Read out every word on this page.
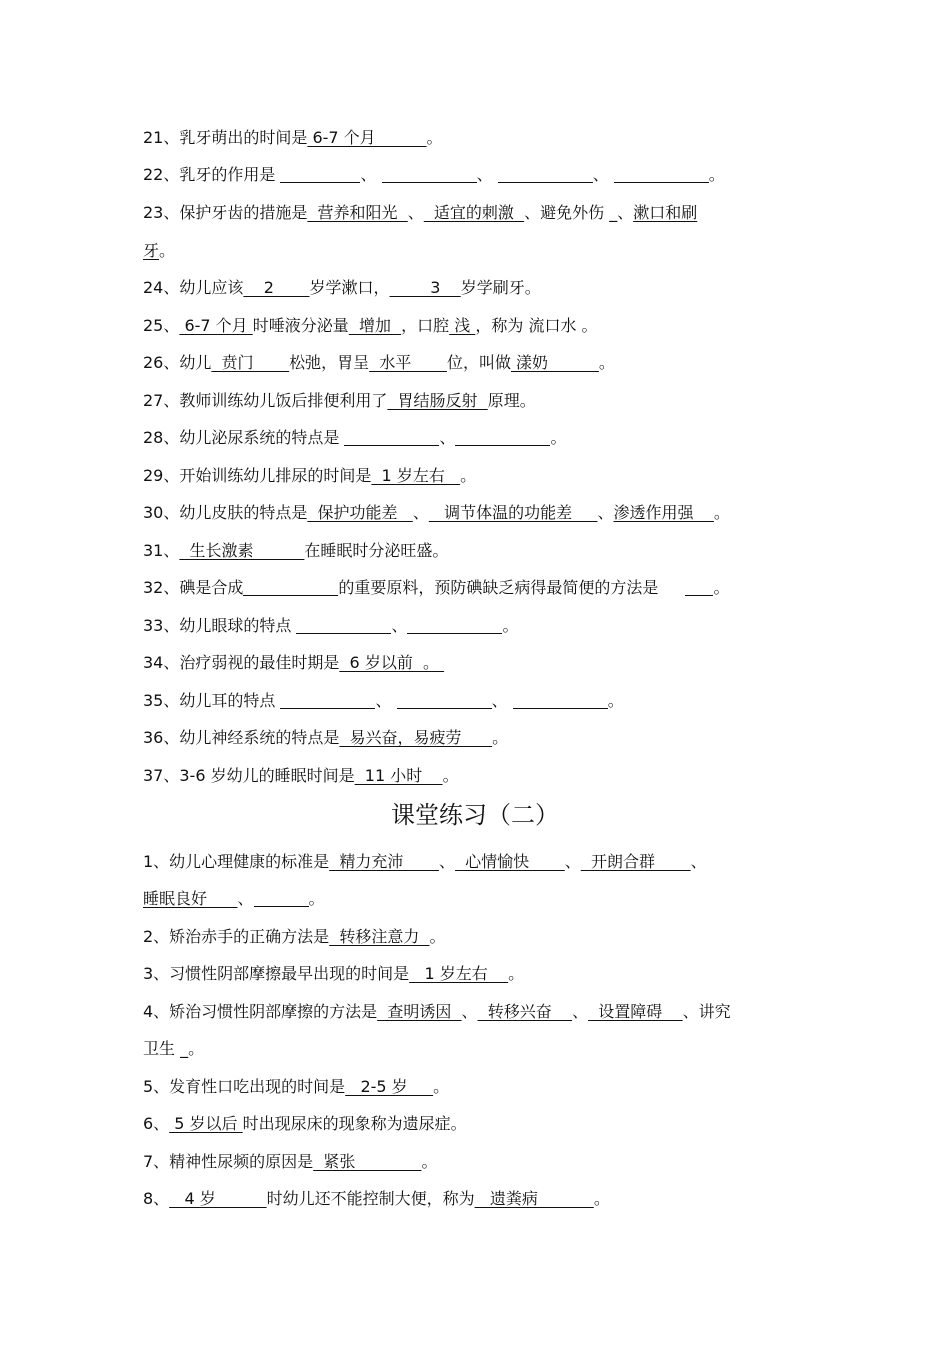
21、乳牙萌出的时间是 6-7 个月          。
22、乳牙的作用是	、	、	、	。
23、保护牙齿的措施是  营养和阳光  、  适宜的刺激  、避免外伤 _、漱口和刷
牙。
24、幼儿应该    2       岁学漱口，        3    岁学刷牙。
25、 6-7 个月 时唾液分泌量  增加  ，口腔 浅 ，称为 流口水 。
26、幼儿  贲门       松弛，胃呈  水平       位，叫做 漾奶          。
27、教师训练幼儿饭后排便利用了  胃结肠反射  原理。
28、幼儿泌尿系统的特点是	、	。
29、开始训练幼儿排尿的时间是  1 岁左右   。
30、幼儿皮肤的特点是  保护功能差   、   调节体温的功能差     、渗透作用强    。
31、  生长激素          在睡眠时分泌旺盛。
32、碘是合成	的重要原料，预防碘缺乏病得最简便的方法是	。
33、幼儿眼球的特点	、	。
34、治疗弱视的最佳时期是  6 岁以前  。
35、幼儿耳的特点	、	、	。
36、幼儿神经系统的特点是  易兴奋，易疲劳      。
37、3-6 岁幼儿的睡眠时间是  11 小时    。
课堂练习（二）
1、幼儿心理健康的标准是  精力充沛       、  心情愉快       、  开朗合群       、
睡眠良好      、	。
2、矫治赤手的正确方法是  转移注意力  。
3、习惯性阴部摩擦最早出现的时间是   1 岁左右    。
4、矫治习惯性阴部摩擦的方法是  查明诱因  、  转移兴奋    、  设置障碍    、讲究
卫生 _。
5、发育性口吃出现的时间是   2-5 岁     。
6、 5 岁以后 时出现尿床的现象称为遗尿症。
7、精神性尿频的原因是  紧张             。
8、   4 岁          时幼儿还不能控制大便，称为   遗粪病           。
